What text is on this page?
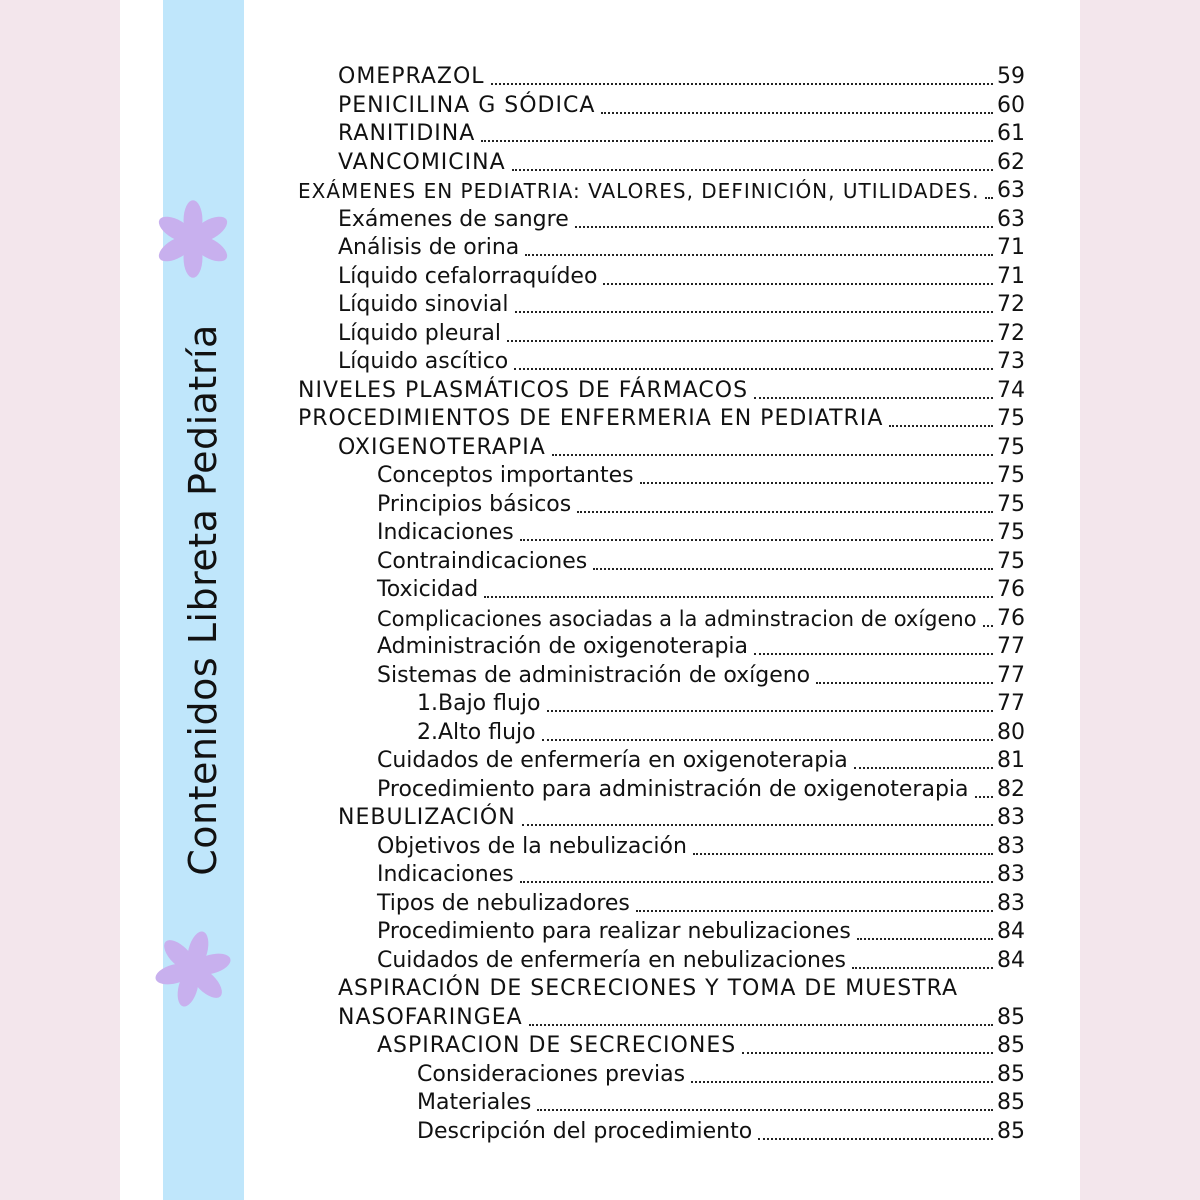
Contenidos Libreta Pediatría
OMEPRAZOL	59
PENICILINA G SÓDICA	60
RANITIDINA	61
VANCOMICINA	62
EXÁMENES EN PEDIATRIA: VALORES, DEFINICIÓN, UTILIDADES. 63
Exámenes de sangre	63
Análisis de orina	71
Líquido cefalorraquídeo	71
Líquido sinovial	72
Líquido pleural	72
Líquido ascítico	73
NIVELES PLASMÁTICOS DE FÁRMACOS	74
PROCEDIMIENTOS DE ENFERMERIA EN PEDIATRIA	75
OXIGENOTERAPIA	75
Conceptos importantes	75
Principios básicos	75
Indicaciones	75
Contraindicaciones	75
Toxicidad	76
Complicaciones asociadas a la adminstracion de oxígeno 76
Administración de oxigenoterapia	77
Sistemas de administración de oxígeno	77
1.Bajo flujo	77
2.Alto flujo	80
Cuidados de enfermería en oxigenoterapia	81
Procedimiento para administración de oxigenoterapia 82
NEBULIZACIÓN	83
Objetivos de la nebulización	83
Indicaciones	83
Tipos de nebulizadores	83
Procedimiento para realizar nebulizaciones	84
Cuidados de enfermería en nebulizaciones	84
ASPIRACIÓN DE SECRECIONES Y TOMA DE MUESTRA
NASOFARINGEA	85
ASPIRACION DE SECRECIONES	85
Consideraciones previas	85
Materiales	85
Descripción del procedimiento	85
